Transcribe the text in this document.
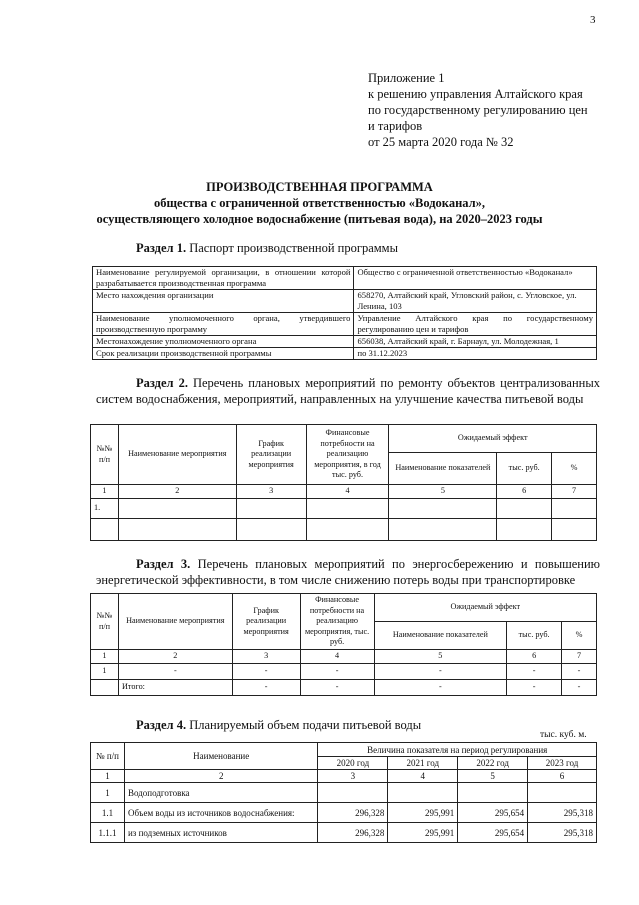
3
Приложение 1
к решению управления Алтайского края
по государственному регулированию цен
и тарифов
от 25 марта 2020 года № 32
ПРОИЗВОДСТВЕННАЯ ПРОГРАММА
общества с ограниченной ответственностью «Водоканал»,
осуществляющего холодное водоснабжение (питьевая вода), на 2020–2023 годы
Раздел 1. Паспорт производственной программы
Наименование регулируемой организации, в отношении которой разрабатывается производственная программа	Общество с ограниченной ответственностью «Водоканал»
Место нахождения организации	658270, Алтайский край, Угловский район, с. Угловское, ул. Ленина, 103
Наименование уполномоченного органа, утвердившего производственную программу	Управление Алтайского края по государственному регулированию цен и тарифов
Местонахождение уполномоченного органа	656038, Алтайский край, г. Барнаул, ул. Молодежная, 1
Срок реализации производственной программы	по 31.12.2023
Раздел 2. Перечень плановых мероприятий по ремонту объектов централизованных систем водоснабжения, мероприятий, направленных на улучшение качества питьевой воды
№№ п/п	Наименование мероприятия	График реализации мероприятия	Финансовые потребности на реализацию мероприятия, в год тыс. руб.	Ожидаемый эффект		
				Наименование показателей	тыс. руб.	%
1	2	3	4	5	6	7
1.						

Раздел 3. Перечень плановых мероприятий по энергосбережению и повышению энергетической эффективности, в том числе снижению потерь воды при транспортировке
№№ п/п	Наименование мероприятия	График реализации мероприятия	Финансовые потребности на реализацию мероприятия, тыс. руб.	Ожидаемый эффект		
				Наименование показателей	тыс. руб.	%
1	2	3	4	5	6	7
1	-	-	-	-	-	-
	Итого:	-	-	-	-	-
Раздел 4. Планируемый объем подачи питьевой воды
тыс. куб. м.
№ п/п	Наименование	Величина показателя на период регулирования			
		2020 год	2021 год	2022 год	2023 год
1	2	3	4	5	6
1	Водоподготовка				
1.1	Объем воды из источников водоснабжения:	296,328	295,991	295,654	295,318
1.1.1	из подземных источников	296,328	295,991	295,654	295,318
